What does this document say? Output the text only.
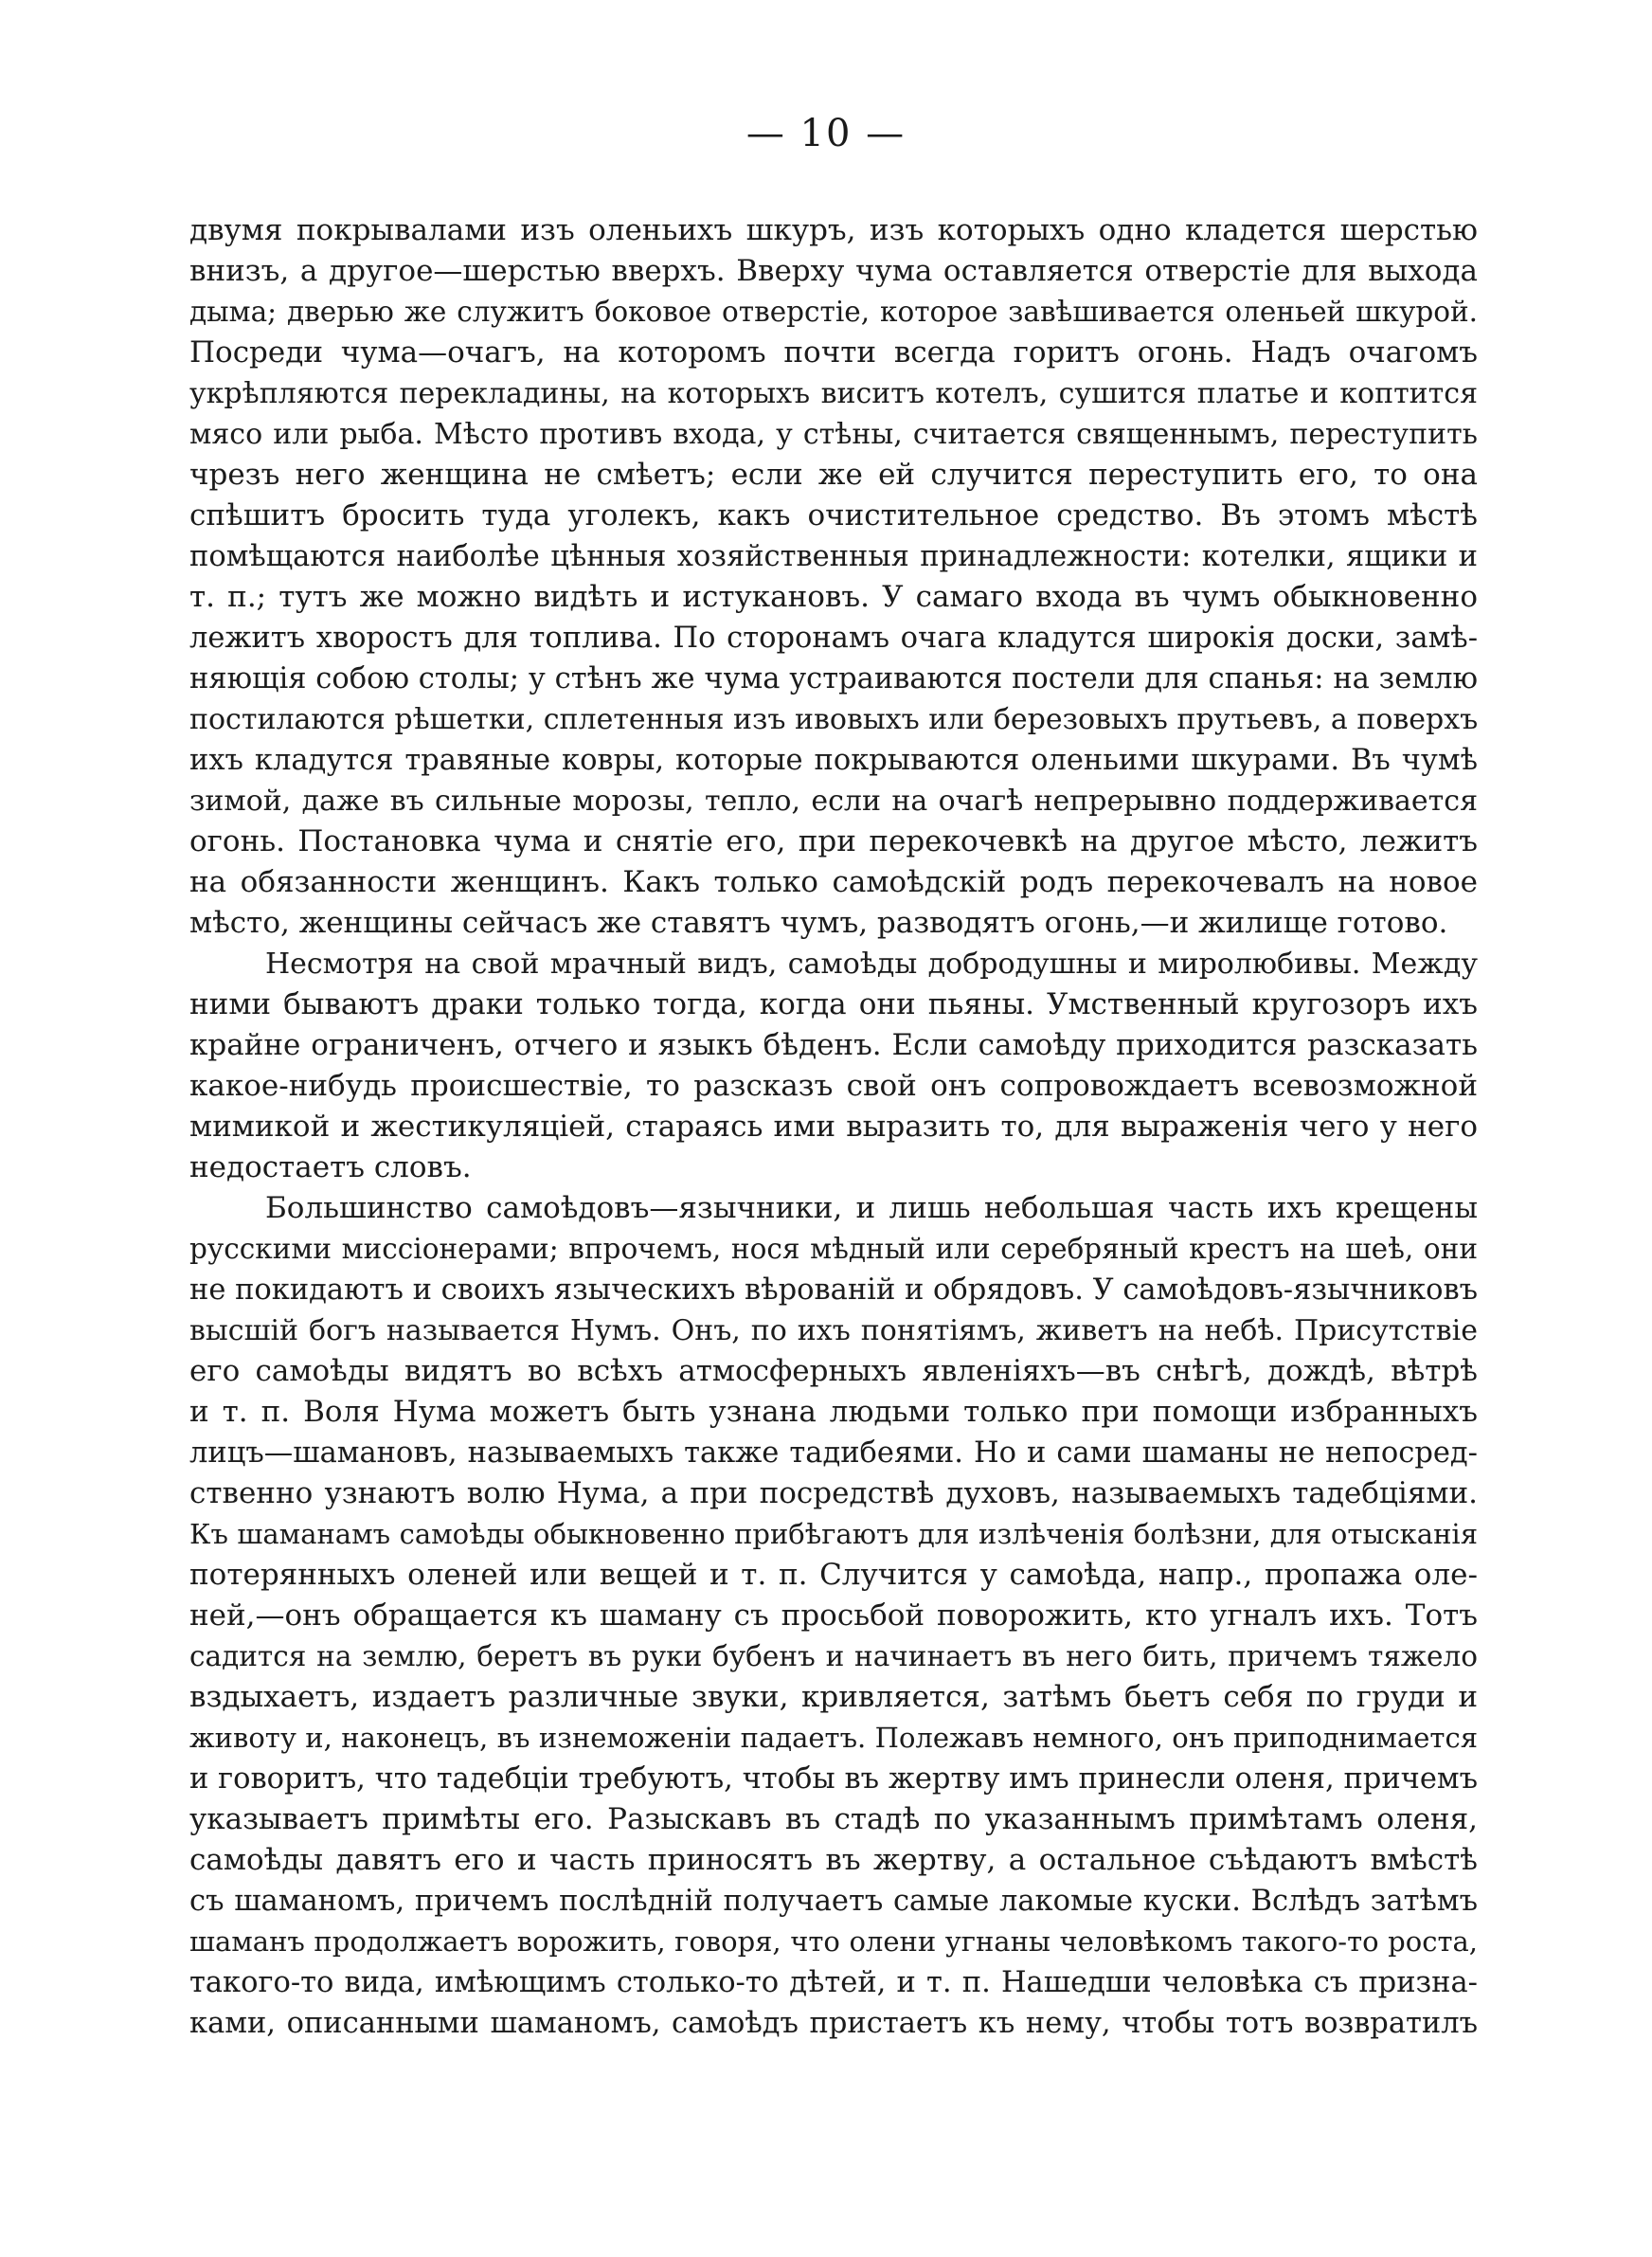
— 10 —
двумя покрывалами изъ оленьихъ шкуръ, изъ которыхъ одно кладется шерстью
внизъ, а другое—шерстью вверхъ. Вверху чума оставляется отверстіе для выхода
дыма; дверью же служитъ боковое отверстіе, которое завѣшивается оленьей шкурой.
Посреди чума—очагъ, на которомъ почти всегда горитъ огонь. Надъ очагомъ
укрѣпляются перекладины, на которыхъ виситъ котелъ, сушится платье и коптится
мясо или рыба. Мѣсто противъ входа, у стѣны, считается священнымъ, переступить
чрезъ него женщина не смѣетъ; если же ей случится переступить его, то она
спѣшитъ бросить туда уголекъ, какъ очистительное средство. Въ этомъ мѣстѣ
помѣщаются наиболѣе цѣнныя хозяйственныя принадлежности: котелки, ящики и
т. п.; тутъ же можно видѣть и истукановъ. У самаго входа въ чумъ обыкновенно
лежитъ хворостъ для топлива. По сторонамъ очага кладутся широкія доски, замѣ-
няющія собою столы; у стѣнъ же чума устраиваются постели для спанья: на землю
постилаются рѣшетки, сплетенныя изъ ивовыхъ или березовыхъ прутьевъ, а поверхъ
ихъ кладутся травяные ковры, которые покрываются оленьими шкурами. Въ чумѣ
зимой, даже въ сильные морозы, тепло, если на очагѣ непрерывно поддерживается
огонь. Постановка чума и снятіе его, при перекочевкѣ на другое мѣсто, лежитъ
на обязанности женщинъ. Какъ только самоѣдскій родъ перекочевалъ на новое
мѣсто, женщины сейчасъ же ставятъ чумъ, разводятъ огонь,—и жилище готово.
Несмотря на свой мрачный видъ, самоѣды добродушны и миролюбивы. Между
ними бываютъ драки только тогда, когда они пьяны. Умственный кругозоръ ихъ
крайне ограниченъ, отчего и языкъ бѣденъ. Если самоѣду приходится разсказать
какое-нибудь происшествіе, то разсказъ свой онъ сопровождаетъ всевозможной
мимикой и жестикуляціей, стараясь ими выразить то, для выраженія чего у него
недостаетъ словъ.
Большинство самоѣдовъ—язычники, и лишь небольшая часть ихъ крещены
русскими миссіонерами; впрочемъ, нося мѣдный или серебряный крестъ на шеѣ, они
не покидаютъ и своихъ языческихъ вѣрованій и обрядовъ. У самоѣдовъ-язычниковъ
высшій богъ называется Нумъ. Онъ, по ихъ понятіямъ, живетъ на небѣ. Присутствіе
его самоѣды видятъ во всѣхъ атмосферныхъ явленіяхъ—въ снѣгѣ, дождѣ, вѣтрѣ
и т. п. Воля Нума можетъ быть узнана людьми только при помощи избранныхъ
лицъ—шамановъ, называемыхъ также тадибеями. Но и сами шаманы не непосред-
ственно узнаютъ волю Нума, а при посредствѣ духовъ, называемыхъ тадебціями.
Къ шаманамъ самоѣды обыкновенно прибѣгаютъ для излѣченія болѣзни, для отысканія
потерянныхъ оленей или вещей и т. п. Случится у самоѣда, напр., пропажа оле-
ней,—онъ обращается къ шаману съ просьбой поворожить, кто угналъ ихъ. Тотъ
садится на землю, беретъ въ руки бубенъ и начинаетъ въ него бить, причемъ тяжело
вздыхаетъ, издаетъ различные звуки, кривляется, затѣмъ бьетъ себя по груди и
животу и, наконецъ, въ изнеможеніи падаетъ. Полежавъ немного, онъ приподнимается
и говоритъ, что тадебціи требуютъ, чтобы въ жертву имъ принесли оленя, причемъ
указываетъ примѣты его. Разыскавъ въ стадѣ по указаннымъ примѣтамъ оленя,
самоѣды давятъ его и часть приносятъ въ жертву, а остальное съѣдаютъ вмѣстѣ
съ шаманомъ, причемъ послѣдній получаетъ самые лакомые куски. Вслѣдъ затѣмъ
шаманъ продолжаетъ ворожить, говоря, что олени угнаны человѣкомъ такого-то роста,
такого-то вида, имѣющимъ столько-то дѣтей, и т. п. Нашедши человѣка съ призна-
ками, описанными шаманомъ, самоѣдъ пристаетъ къ нему, чтобы тотъ возвратилъ
